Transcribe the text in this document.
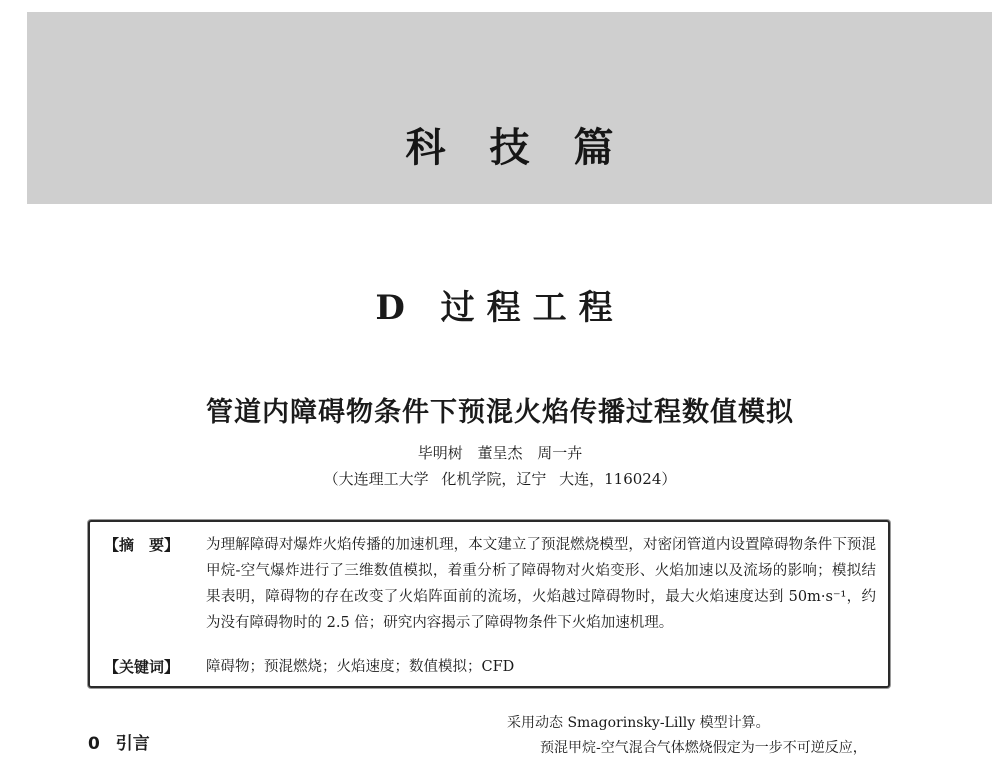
科技篇
D 过程工程
管道内障碍物条件下预混火焰传播过程数值模拟
毕明树 董呈杰 周一卉
（大连理工大学 化机学院，辽宁 大连，116024）
【摘　要】 为理解障碍对爆炸火焰传播的加速机理，本文建立了预混燃烧模型，对密闭管道内设置障碍物条件下预混甲烷-空气爆炸进行了三维数值模拟，着重分析了障碍物对火焰变形、火焰加速以及流场的影响；模拟结果表明，障碍物的存在改变了火焰阵面前的流场，火焰越过障碍物时，最大火焰速度达到 50m·s⁻¹，约为没有障碍物时的 2.5 倍；研究内容揭示了障碍物条件下火焰加速机理。

【关键词】 障碍物；预混燃烧；火焰速度；数值模拟；CFD
0 引言
采用动态 Smagorinsky-Lilly 模型计算。
预混甲烷-空气混合气体燃烧假定为一步不可逆反应，
